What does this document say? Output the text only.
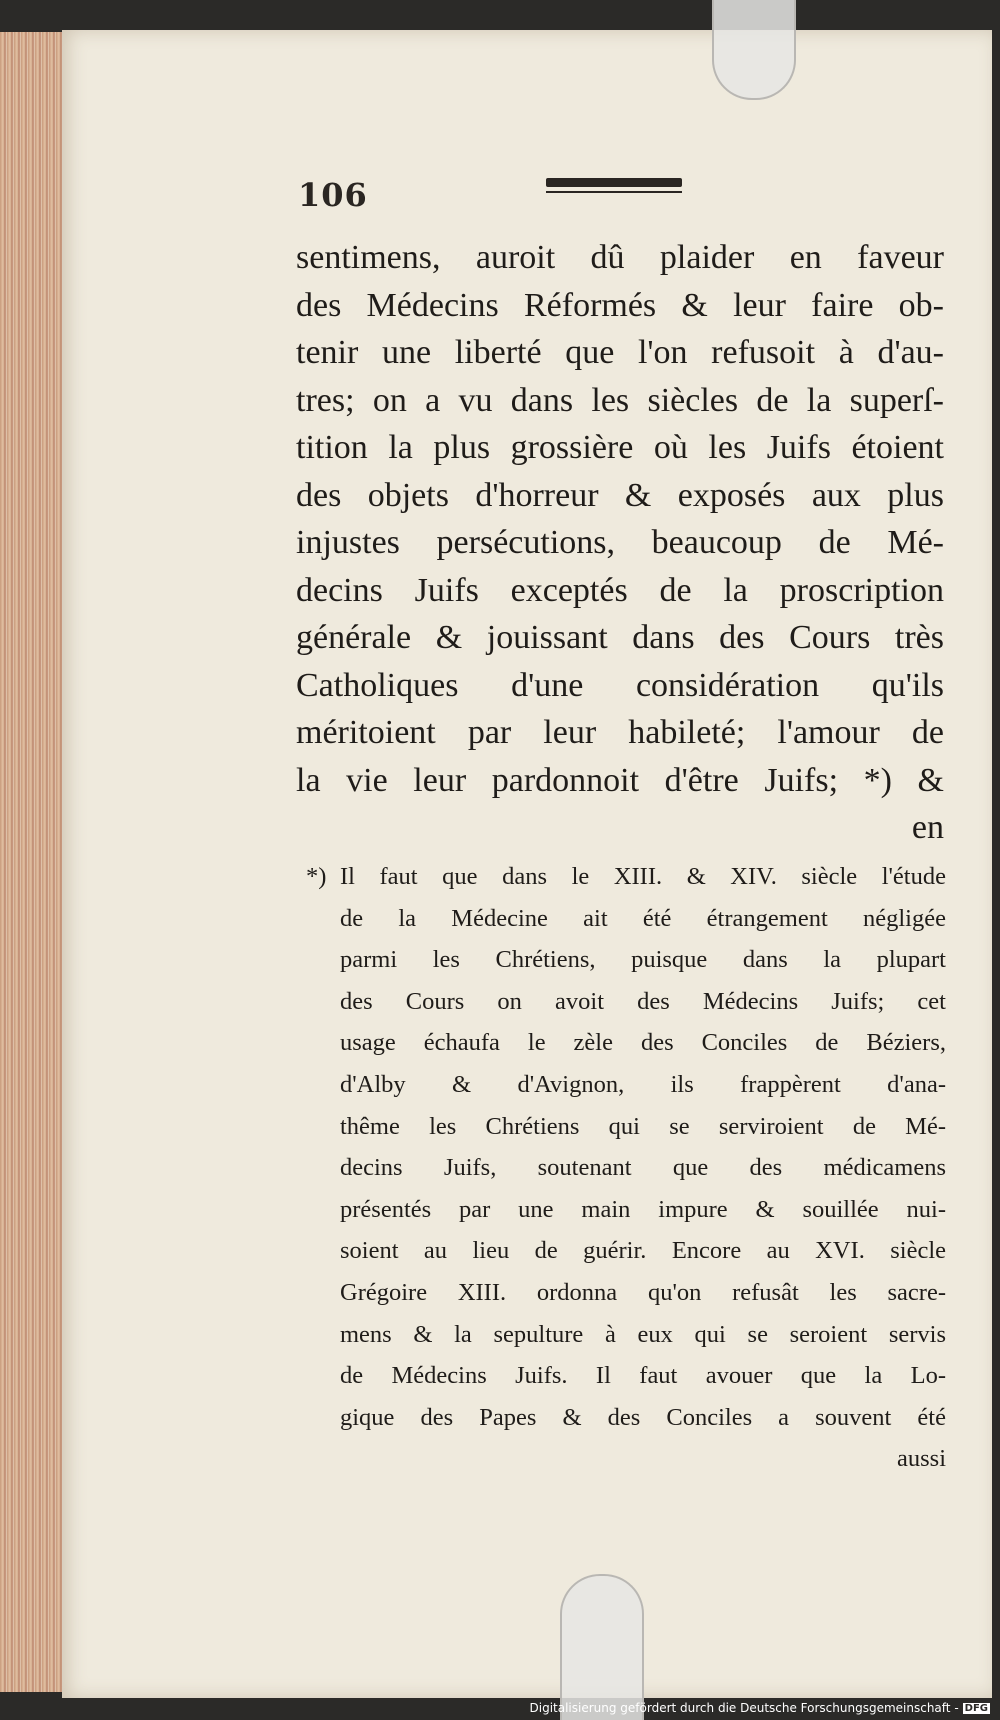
106
sentimens, auroit dû plaider en faveur
des Médecins Réformés & leur faire ob-
tenir une liberté que l'on refusoit à d'au-
tres; on a vu dans les siècles de la superſ-
tition la plus grossière où les Juifs étoient
des objets d'horreur & exposés aux plus
injustes persécutions, beaucoup de Mé-
decins Juifs exceptés de la proscription
générale & jouissant dans des Cours très
Catholiques d'une considération qu'ils
méritoient par leur habileté; l'amour de
la vie leur pardonnoit d'être Juifs; *) &
en
*) Il faut que dans le XIII. & XIV. siècle l'étude
de la Médecine ait été étrangement négligée
parmi les Chrétiens, puisque dans la plupart
des Cours on avoit des Médecins Juifs; cet
usage échaufa le zèle des Conciles de Béziers,
d'Alby & d'Avignon, ils frappèrent d'ana-
thême les Chrétiens qui se serviroient de Mé-
decins Juifs, soutenant que des médicamens
présentés par une main impure & souillée nui-
soient au lieu de guérir. Encore au XVI. siècle
Grégoire XIII. ordonna qu'on refusât les sacre-
mens & la sepulture à eux qui se seroient servis
de Médecins Juifs. Il faut avouer que la Lo-
gique des Papes & des Conciles a souvent été
aussi
Digitalisierung gefördert durch die Deutsche Forschungsgemeinschaft - DFG
